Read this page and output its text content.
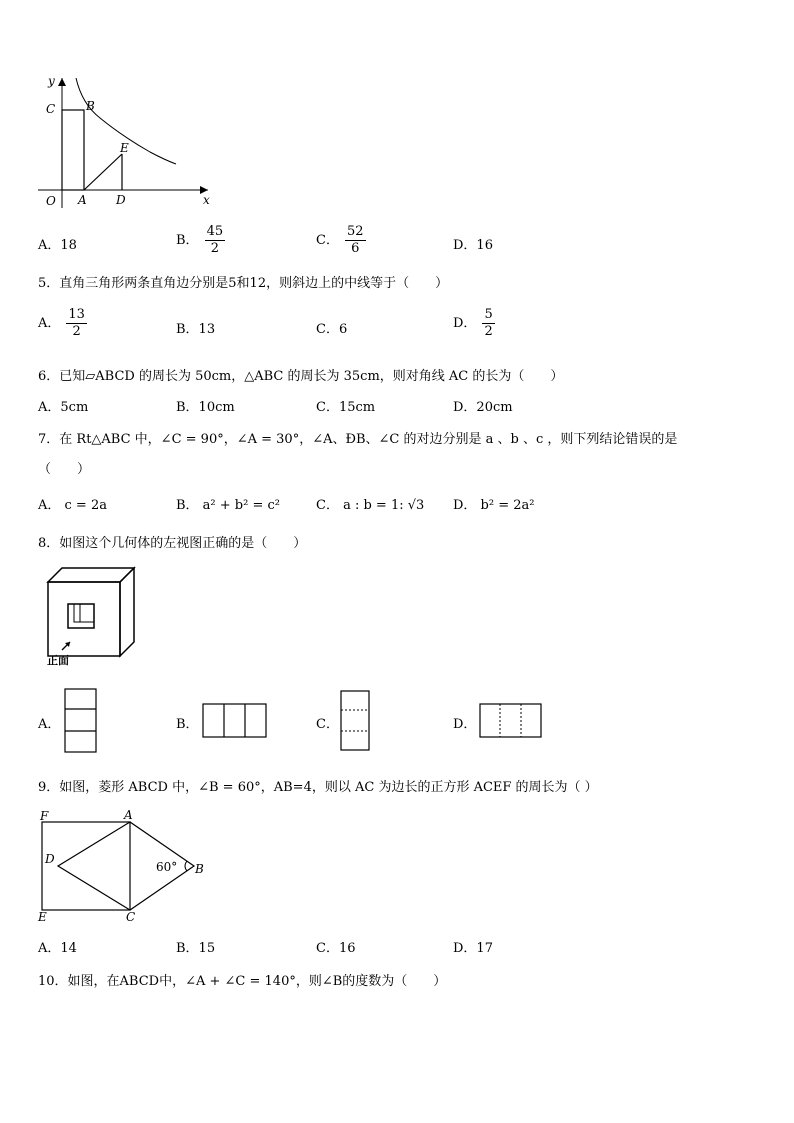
y
C	B
E
O A D	x
A．18	B． $\frac{45}{2}$	C． $\frac{52}{6}$	D．16
5．直角三角形两条直角边分别是5和12，则斜边上的中线等于（　　）
A． $\frac{13}{2}$	B．13	C．6	D． $\frac{5}{2}$
6．已知▱ABCD 的周长为 50cm，△ABC 的周长为 35cm，则对角线 AC 的长为（　　）
A．5cm	B．10cm	C．15cm	D．20cm
7．在 Rt△ABC 中，∠C = 90°，∠A = 30°，∠A、ÐB、∠C 的对边分别是 a 、b 、c ，则下列结论错误的是
（　　）
A． c = 2a	B． a² + b² = c²	C． a : b = 1: √3 D． b² = 2a²
8．如图这个几何体的左视图正确的是（　　）
正面
A．	B．	C．	D．
9．如图，菱形 ABCD 中，∠B = 60°，AB=4，则以 AC 为边长的正方形 ACEF 的周长为（ ）
F	A
D
60° B
E	C
A．14	B．15	C．16	D．17
10．如图，在ABCD中，∠A + ∠C = 140°，则∠B的度数为（　　）
